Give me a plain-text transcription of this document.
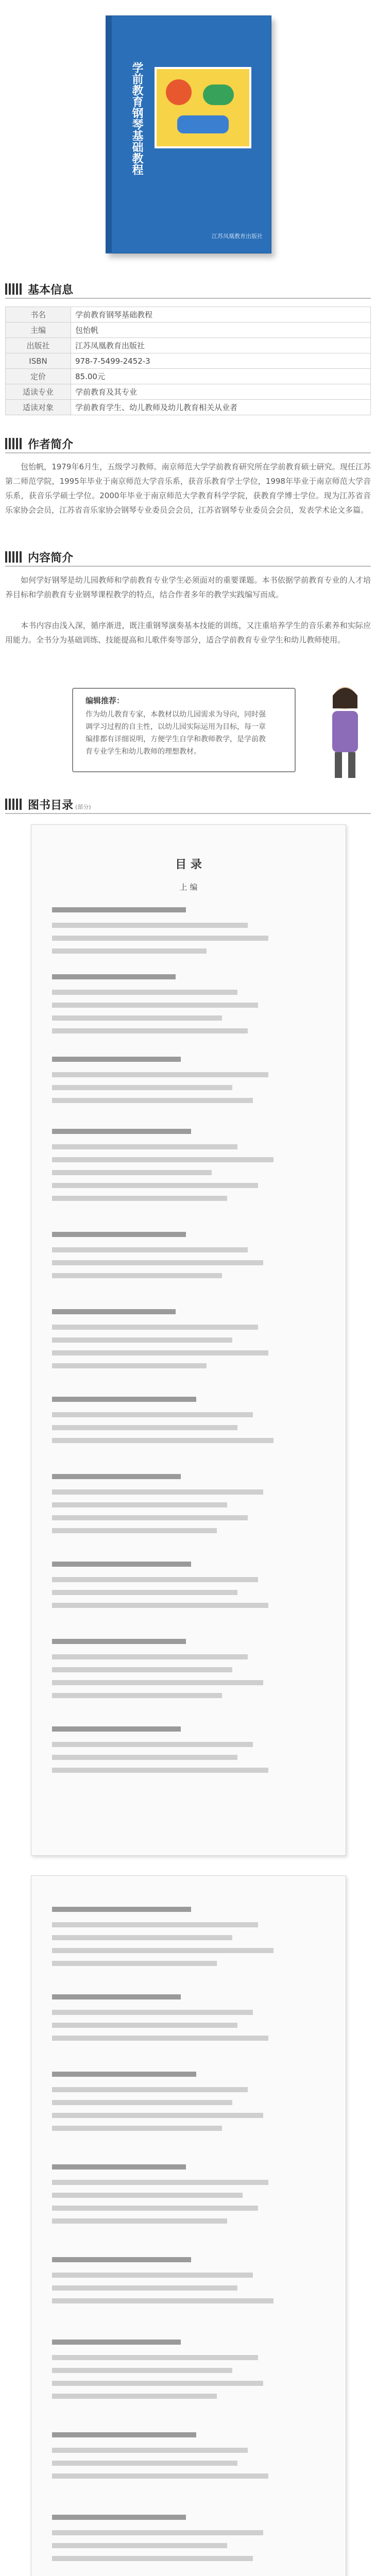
学前教育钢琴基础教程
江苏凤凰教育出版社
基本信息
书名	学前教育钢琴基础教程
主编	包怡帆
出版社	江苏凤凰教育出版社
ISBN	978-7-5499-2452-3
定价	85.00元
适读专业	学前教育及其专业
适读对象	学前教育学生、幼儿教师及幼儿教育相关从业者
作者简介
包怡帆，1979年6月生，五级学习教师。南京师范大学学前教育研究所在学前教育硕士研究。现任江苏第二师范学院，1995年毕业于南京师范大学音乐系，获音乐教育学士学位，1998年毕业于南京师范大学音乐系，获音乐学硕士学位。2000年毕业于南京师范大学教育科学学院，获教育学博士学位。现为江苏省音乐家协会会员，江苏省音乐家协会钢琴专业委员会会员，江苏省钢琴专业委员会会员，发表学术论文多篇。
内容简介
如何学好钢琴是幼儿园教师和学前教育专业学生必须面对的重要课题。本书依据学前教育专业的人才培养目标和学前教育专业钢琴课程教学的特点，结合作者多年的教学实践编写而成。
本书内容由浅入深，循序渐进，既注重钢琴演奏基本技能的训练，又注重培养学生的音乐素养和实际应用能力。全书分为基础训练、技能提高和儿歌伴奏等部分，适合学前教育专业学生和幼儿教师使用。
编辑推荐：
作为幼儿教育专家，本教材以幼儿园需求为导向，同时强调学习过程的自主性，以幼儿园实际运用为目标，每一章编排都有详细说明，方便学生自学和教师教学，是学前教育专业学生和幼儿教师的理想教材。
图书目录 (部分)
目 录
上 编
